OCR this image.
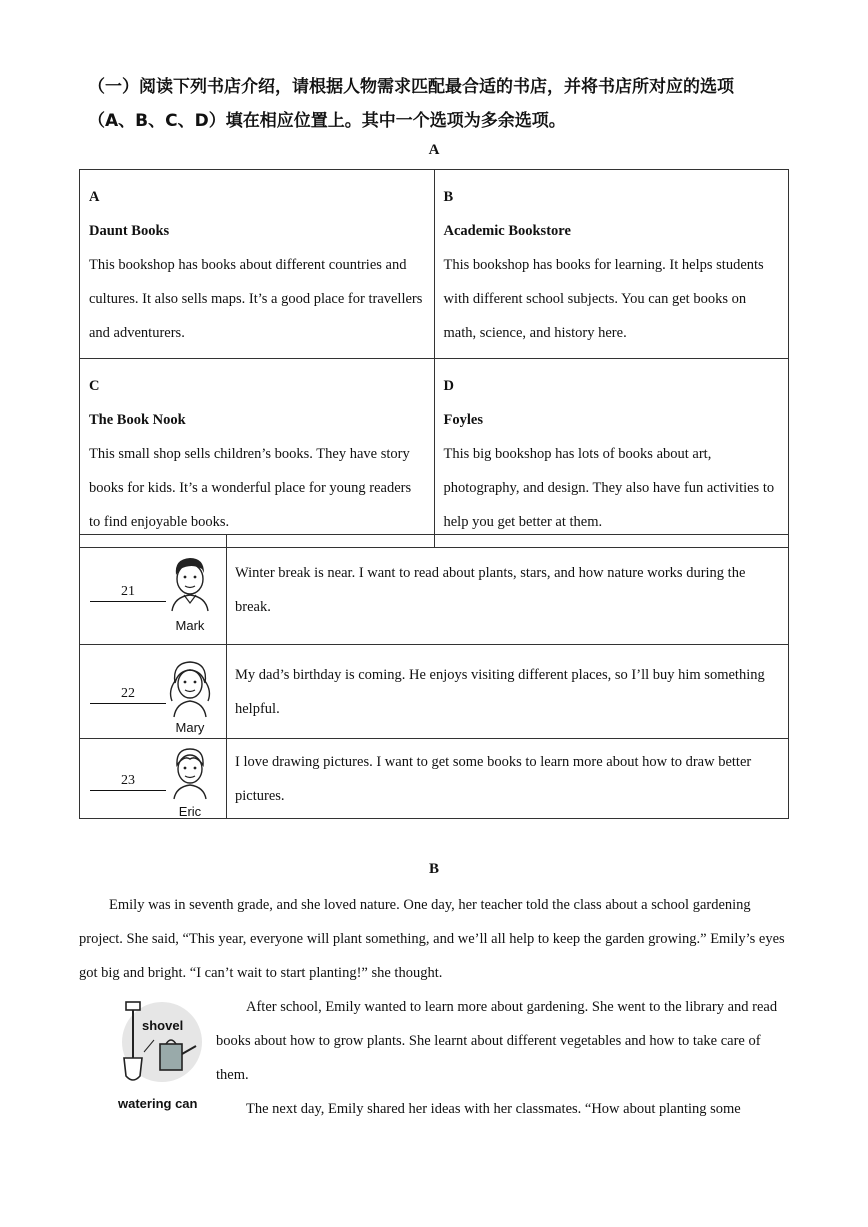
（一）阅读下列书店介绍，请根据人物需求匹配最合适的书店，并将书店所对应的选项
（A、B、C、D）填在相应位置上。其中一个选项为多余选项。
A
A
Daunt Books
This bookshop has books about different countries and cultures. It also sells maps. It’s a good place for travellers and adventurers.	B
Academic Bookstore
This bookshop has books for learning. It helps students with different school subjects. You can get books on math, science, and history here.

C
The Book Nook
This small shop sells children’s books. They have story books for kids. It’s a wonderful place for young readers to find enjoyable books.	D
Foyles
This big bookshop has lots of books about art, photography, and design. They also have fun activities to help you get better at them.
21
Mark	Winter break is near. I want to read about plants, stars, and how nature works during the break.

22
Mary	My dad’s birthday is coming. He enjoys visiting different places, so I’ll buy him something helpful.

23
Eric	I love drawing pictures. I want to get some books to learn more about how to draw better pictures.
B

Emily was in seventh grade, and she loved nature. One day, her teacher told the class about a school gardening project. She said, “This year, everyone will plant something, and we’ll all help to keep the garden growing.” Emily’s eyes got big and bright. “I can’t wait to start planting!” she thought.

shovel
watering can

After school, Emily wanted to learn more about gardening. She went to the library and read books about how to grow plants. She learnt about different vegetables and how to take care of them.

The next day, Emily shared her ideas with her classmates. “How about planting some
